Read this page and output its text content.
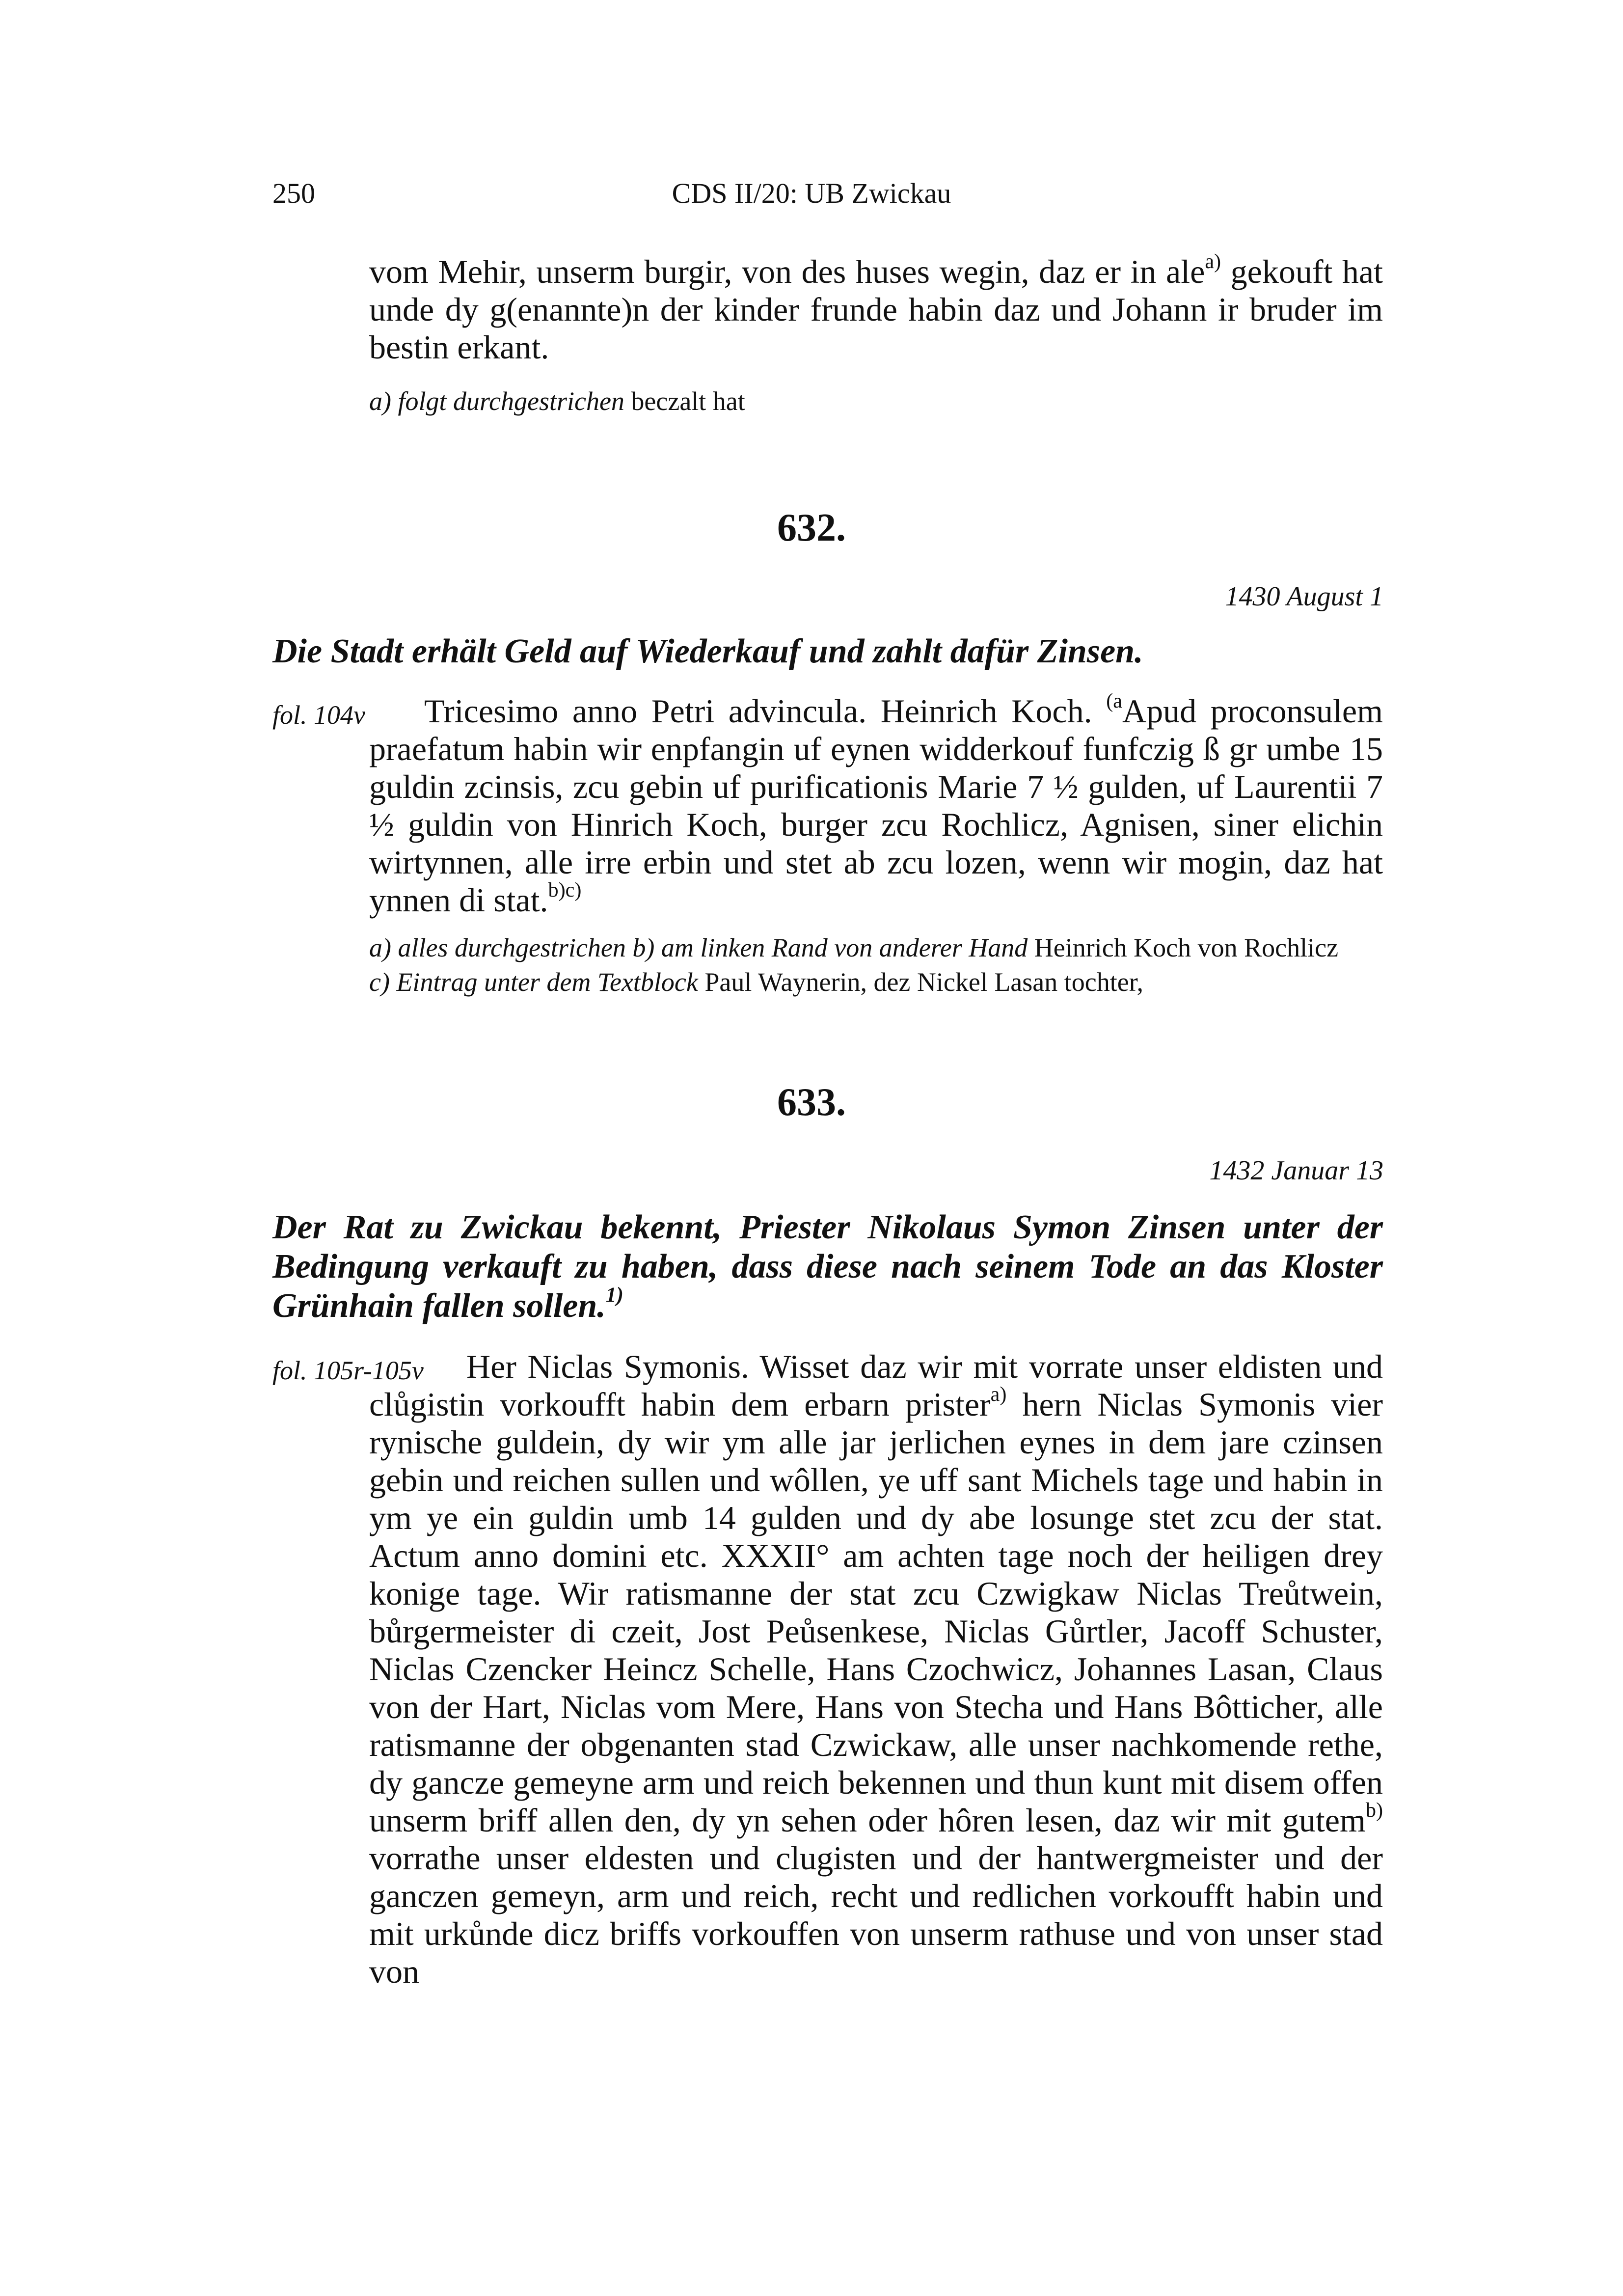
250	CDS II/20: UB Zwickau
vom Mehir, unserm burgir, von des huses wegin, daz er in ale$^{a)}$ gekouft hat unde dy g(enannte)n der kinder frunde habin daz und Johann ir bruder im bestin erkant.
a) folgt durchgestrichen beczalt hat
632.
1430 August 1
Die Stadt erhält Geld auf Wiederkauf und zahlt dafür Zinsen.
fol. 104v	Tricesimo anno Petri advincula. Heinrich Koch. $^{(a}$Apud proconsulem praefatum habin wir enpfangin uf eynen widderkouf funfczig ß gr umbe 15 guldin zcinsis, zcu gebin uf purificationis Marie 7 ½ gulden, uf Laurentii 7 ½ guldin von Hinrich Koch, burger zcu Rochlicz, Agnisen, siner elichin wirtynnen, alle irre erbin und stet ab zcu lozen, wenn wir mogin, daz hat ynnen di stat.$^{b)c)}$
a) alles durchgestrichen b) am linken Rand von anderer Hand Heinrich Koch von Rochlicz
c) Eintrag unter dem Textblock Paul Waynerin, dez Nickel Lasan tochter,
633.
1432 Januar 13
Der Rat zu Zwickau bekennt, Priester Nikolaus Symon Zinsen unter der Bedingung verkauft zu haben, dass diese nach seinem Tode an das Kloster Grünhain fallen sollen.$^{1)}$
fol. 105r-105v	Her Niclas Symonis. Wisset daz wir mit vorrate unser eldisten und clůgistin vorkoufft habin dem erbarn prister$^{a)}$ hern Niclas Symonis vier rynische guldein, dy wir ym alle jar jerlichen eynes in dem jare czinsen gebin und reichen sullen und wôllen, ye uff sant Michels tage und habin in ym ye ein guldin umb 14 gulden und dy abe losunge stet zcu der stat. Actum anno domini etc. XXXII° am achten tage noch der heiligen drey konige tage. Wir ratismanne der stat zcu Czwigkaw Niclas Treůtwein, bůrgermeister di czeit, Jost Peůsenkese, Niclas Gůrtler, Jacoff Schuster, Niclas Czencker Heincz Schelle, Hans Czochwicz, Johannes Lasan, Claus von der Hart, Niclas vom Mere, Hans von Stecha und Hans Bôtticher, alle ratismanne der obgenanten stad Czwickaw, alle unser nachkomende rethe, dy gancze gemeyne arm und reich bekennen und thun kunt mit disem offen unserm briff allen den, dy yn sehen oder hôren lesen, daz wir mit gutem$^{b)}$ vorrathe unser eldesten und clugisten und der hantwergmeister und der ganczen gemeyn, arm und reich, recht und redlichen vorkoufft habin und mit urkůnde dicz briffs vorkouffen von unserm rathuse und von unser stad von
